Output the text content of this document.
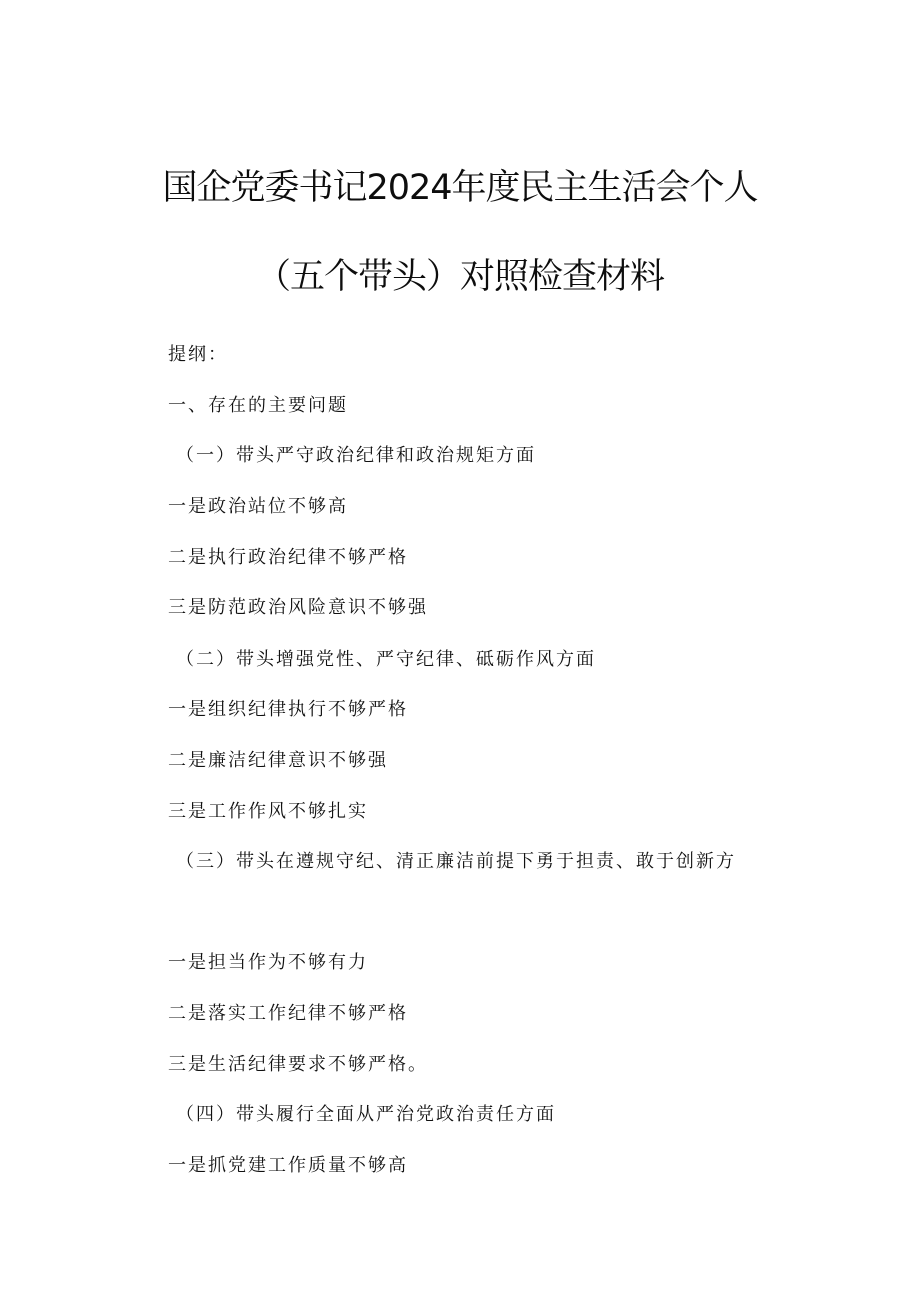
国企党委书记2024年度民主生活会个人
（五个带头）对照检查材料
提纲：
一、存在的主要问题
（一）带头严守政治纪律和政治规矩方面
一是政治站位不够高
二是执行政治纪律不够严格
三是防范政治风险意识不够强
（二）带头增强党性、严守纪律、砥砺作风方面
一是组织纪律执行不够严格
二是廉洁纪律意识不够强
三是工作作风不够扎实
（三）带头在遵规守纪、清正廉洁前提下勇于担责、敢于创新方
一是担当作为不够有力
二是落实工作纪律不够严格
三是生活纪律要求不够严格。
（四）带头履行全面从严治党政治责任方面
一是抓党建工作质量不够高
